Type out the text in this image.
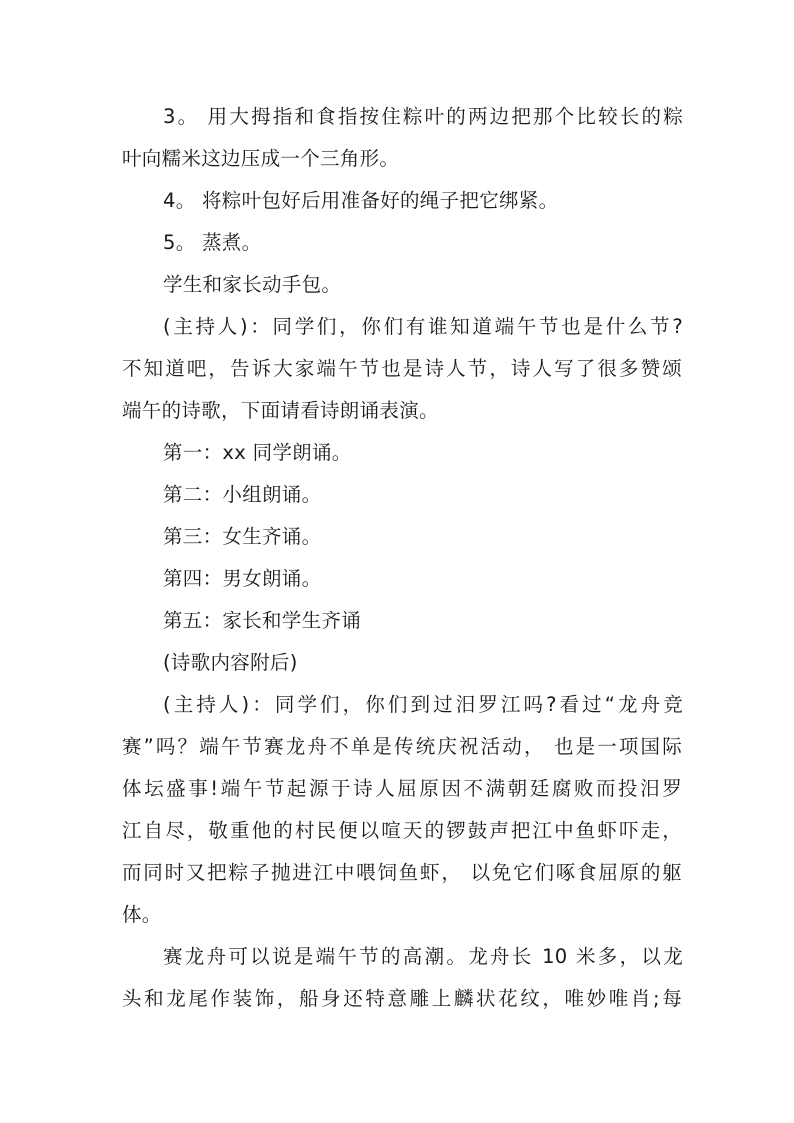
3。 用大拇指和食指按住粽叶的两边把那个比较长的粽
叶向糯米这边压成一个三角形。
4。 将粽叶包好后用准备好的绳子把它绑紧。
5。 蒸煮。
学生和家长动手包。
(主持人)：同学们，你们有谁知道端午节也是什么节?
不知道吧，告诉大家端午节也是诗人节，诗人写了很多赞颂
端午的诗歌，下面请看诗朗诵表演。
第一：xx 同学朗诵。
第二：小组朗诵。
第三：女生齐诵。
第四：男女朗诵。
第五：家长和学生齐诵
(诗歌内容附后)
(主持人)：同学们，你们到过汨罗江吗?看过“龙舟竞
赛”吗？端午节赛龙舟不单是传统庆祝活动， 也是一项国际
体坛盛事!端午节起源于诗人屈原因不满朝廷腐败而投汨罗
江自尽，敬重他的村民便以喧天的锣鼓声把江中鱼虾吓走，
而同时又把粽子抛进江中喂饲鱼虾， 以免它们啄食屈原的躯
体。
赛龙舟可以说是端午节的高潮。龙舟长 10 米多，以龙
头和龙尾作装饰，船身还特意雕上麟状花纹，唯妙唯肖;每
